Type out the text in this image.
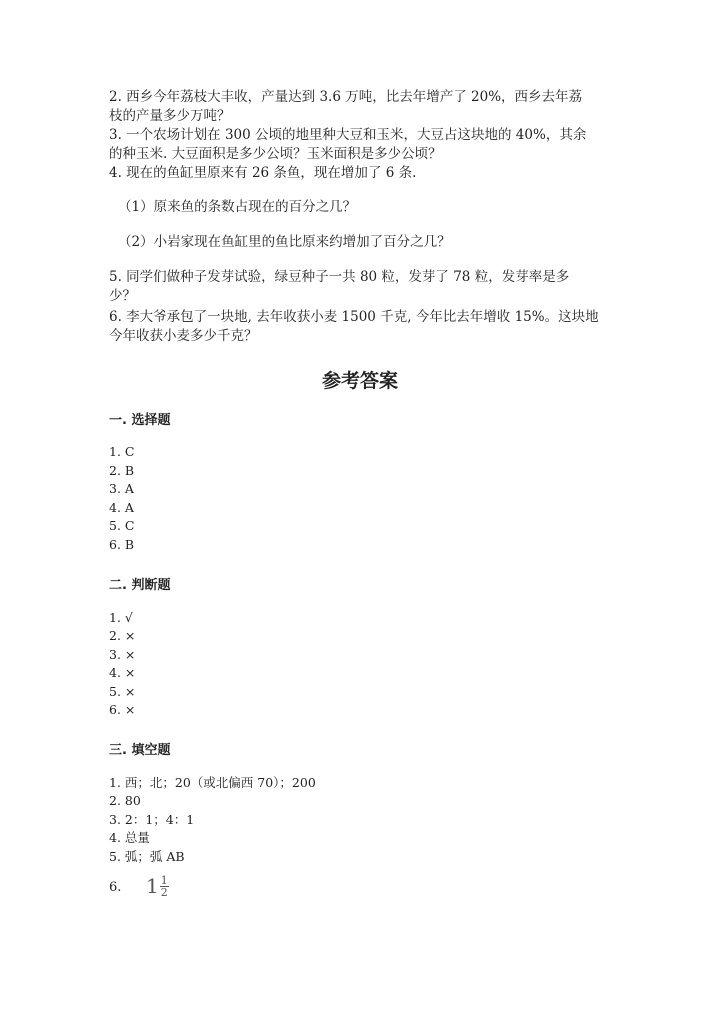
2. 西乡今年荔枝大丰收，产量达到 3.6 万吨，比去年增产了 20%，西乡去年荔
枝的产量多少万吨？
3. 一个农场计划在 300 公顷的地里种大豆和玉米，大豆占这块地的 40%，其余
的种玉米. 大豆面积是多少公顷？玉米面积是多少公顷？
4. 现在的鱼缸里原来有 26 条鱼，现在增加了 6 条.
（1）原来鱼的条数占现在的百分之几？
（2）小岩家现在鱼缸里的鱼比原来约增加了百分之几？
5. 同学们做种子发芽试验，绿豆种子一共 80 粒，发芽了 78 粒，发芽率是多
少？
6. 李大爷承包了一块地, 去年收获小麦 1500 千克, 今年比去年增收 15%。这块地
今年收获小麦多少千克？
参考答案
一. 选择题
1. C
2. B
3. A
4. A
5. C
6. B
二. 判断题
1. √
2. ×
3. ×
4. ×
5. ×
6. ×
三. 填空题
1. 西；北；20（或北偏西 70）；200
2. 80
3. 2：1；4：1
4. 总量
5. 弧；弧 AB
6. $1 \frac{1}{2}$
